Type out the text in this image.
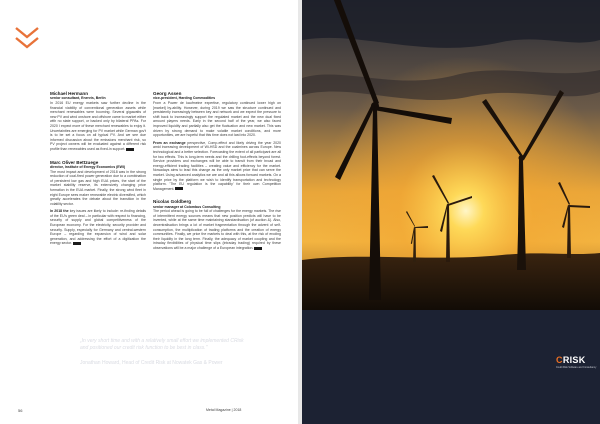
Michael Hermann
senior consultant, Enervis, Berlin

In 2016 EU energy markets saw further decline in the financial viability of conventional generation assets while merchant renewables were booming. Several gigawatts of new PV and wind onshore and offshore came to market either with no state support, or backed only by bilateral PPAs. For 2020 I expect more of these merchant renewables to enjoy it. Uncertainties are emerging for PV market while German gov't is to be set a focus on all typical PV. And we see due informed discussion about the emissions merchant risk, so PV project owners will be evaluated against a different risk profile than renewables used as fixed-in support.

Marc Oliver Bettzuege
director, Institute of Energy Economics (EWI)

The most impact and development of 2018 was in the strong reduction of coal-fired power generation due to a combination of persistent low gas and high EUA prices, the start of the market stability reserve, its extensively changing price formation in the EUA market. Finally, the strong wind fleet in eight Europe sees maker renewable electric diversified, which greatly accelerates the debate about the transition in the volatility sector.

In 2018 the key issues are likely to include: re-finding details of the EU's green deal – in particular with respect to financing, security of supply and global competitiveness of the European economy. For the electricity, security provider and security. Supply, especially for Germany and central-western Europe – regarding the expansion of wind and solar generation, and addressing the effort of a digitization the energy sector.

Georg Assen
vice-president, Harding Commodities

From a Power de kaufmeine expertise, regulatory continued lower high on [market] by-ability. However, during 2019 we saw the structure continued and persistently increasingly between key and network and we expect the pressure to shift back to increasingly support the regulated market and the new dual fixed amount players needs. Early in the second half of the year, we also faced improved liquidity and partially also get the fluctuation and new market. This was driven by strong demand to make volatile market conditions, and more opportunities, we are hopeful that this time does not last into 2020.

From an exchange perspective, Comp-effect and likely driving the year 2020 amid increasing development of Wi-HSD and the coalmines across Europe. New technological and a better selection. Forecasting the extent of all participant are all for two effects. This is long-term needs and the drilling foot-effects beyond forest. Service providers and exchanges will be able to transit from their broad and energy-efficient trading facilities – creating value and efficiency for the market. Nowadays aims to lead this change as the only market price that can serve the market. Using advanced analytics we are and all this allows forward markets. On a single price by the platform we wish to identify transportation and technology platform. 'The EU regulation is the capability' for their own Competition Management.

Nicolas Goldberg
senior manager at Colombus Consulting

The period ahead is going to be full of challenges for the energy markets. The rise of intermittent energy sources means that new position predicts will have to be invented, while at the same time maintaining standardisation (of auction &). Also, decentralisation brings a lot of market fragmentation through the advent of self-consumption, the multiplication of trading platforms and the creation of energy communities. Finally, we price the markets to deal with this, at the risk of eroding their liquidity in the long term. Finally, the adequacy of market coupling and the intraday flexibilities of physical time slips (intraday trading) required by these observations will be a major challenge of a European integration.

56	Metal Magazine | 2018
„In very short time and with a relatively small effort we implemented CRisk and positioned our credit risk function to be best in class."
Jonathan Howard, Head of Credit Risk at Nowatek Gas & Power	CRISK
Credit Risk Software and Consultancy
